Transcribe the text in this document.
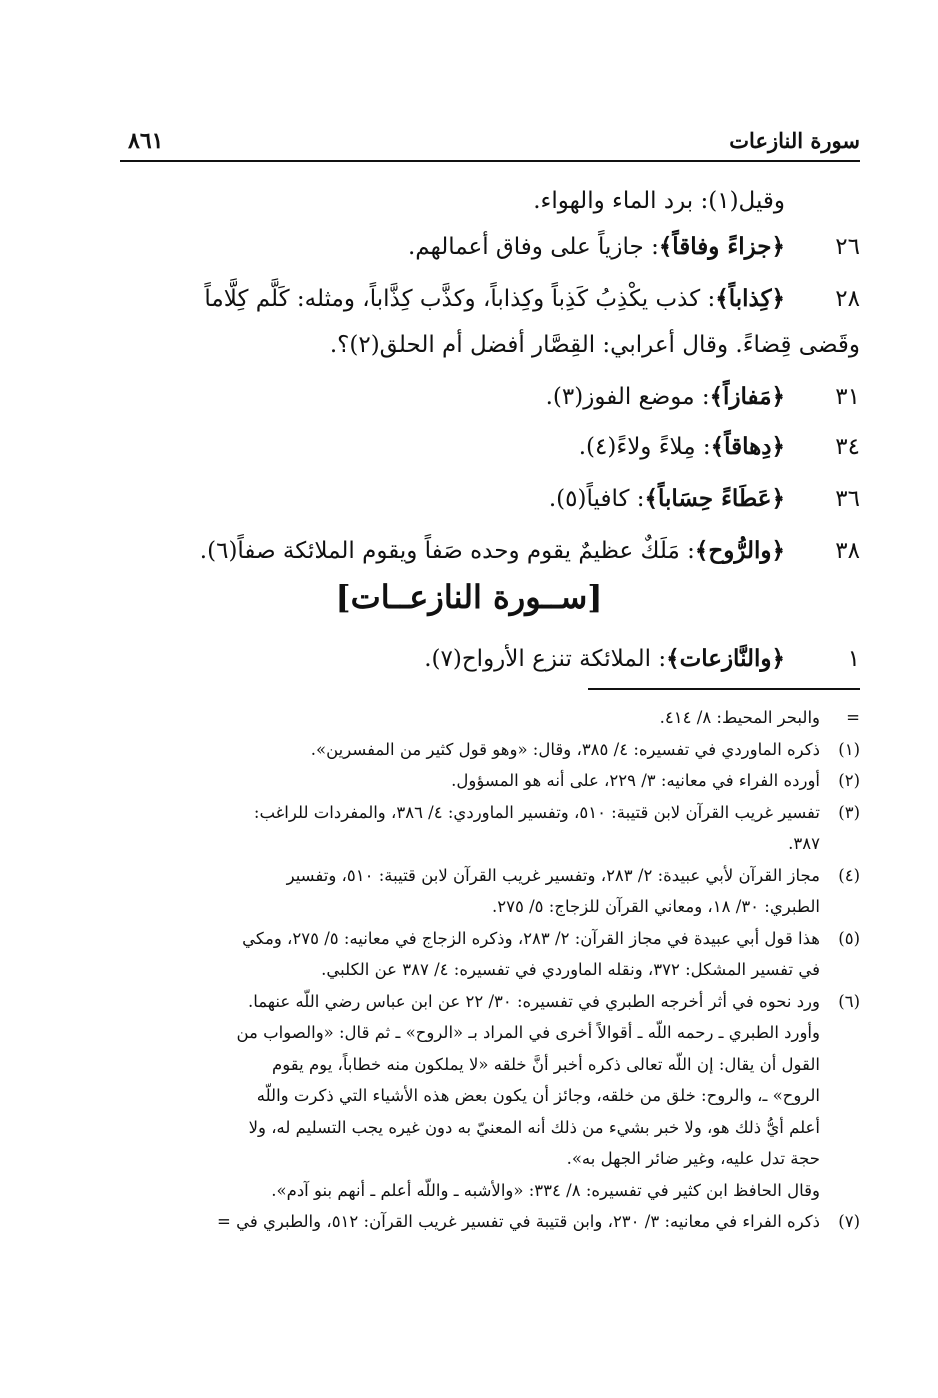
سورة النازعات
٨٦١
وقيل(١): برد الماء والهواء.
٢٦
﴿جزاءً وفاقاً﴾: جازياً على وفاق أعمالهم.
٢٨
﴿كِذاباً﴾: كذب يكْذِبُ كَذِباً وكِذاباً، وكذَّب كِذَّاباً، ومثله: كَلَّم كِلَّاماً
وقَضى قِضاءً. وقال أعرابي: القِصَّار أفضل أم الحلق(٢)؟.
٣١
﴿مَفازاً﴾: موضع الفوز(٣).
٣٤
﴿دِهاقاً﴾: مِلاءً ولاءً(٤).
٣٦
﴿عَطَاءً حِسَاباً﴾: كافياً(٥).
٣٨
﴿والرُّوح﴾: مَلَكٌ عظيمٌ يقوم وحده صَفاً ويقوم الملائكة صفاً(٦).
[ســورة النازعــات]
١
﴿والنَّازعات﴾: الملائكة تنزع الأرواح(٧).
=
والبحر المحيط: ٨/ ٤١٤.
(١)
ذكره الماوردي في تفسيره: ٤/ ٣٨٥، وقال: «وهو قول كثير من المفسرين».
(٢)
أورده الفراء في معانيه: ٣/ ٢٢٩، على أنه هو المسؤول.
(٣)
تفسير غريب القرآن لابن قتيبة: ٥١٠، وتفسير الماوردي: ٤/ ٣٨٦، والمفردات للراغب:
٣٨٧.
(٤)
مجاز القرآن لأبي عبيدة: ٢/ ٢٨٣، وتفسير غريب القرآن لابن قتيبة: ٥١٠، وتفسير
الطبري: ٣٠/ ١٨، ومعاني القرآن للزجاج: ٥/ ٢٧٥.
(٥)
هذا قول أبي عبيدة في مجاز القرآن: ٢/ ٢٨٣، وذكره الزجاج في معانيه: ٥/ ٢٧٥، ومكي
في تفسير المشكل: ٣٧٢، ونقله الماوردي في تفسيره: ٤/ ٣٨٧ عن الكلبي.
(٦)
ورد نحوه في أثر أخرجه الطبري في تفسيره: ٣٠/ ٢٢ عن ابن عباس رضي اللّه عنهما.
وأورد الطبري ـ رحمه اللّه ـ أقوالاً أخرى في المراد بـ «الروح» ـ ثم قال: «والصواب من
القول أن يقال: إن اللّه تعالى ذكره أخبر أنَّ خلقه «لا يملكون منه خطاباً، يوم يقوم
الروح» ـ، والروح: خلق من خلقه، وجائز أن يكون بعض هذه الأشياء التي ذكرت واللّه
أعلم أيُّ ذلك هو، ولا خبر بشيء من ذلك أنه المعنيّ به دون غيره يجب التسليم له، ولا
حجة تدل عليه، وغير ضائر الجهل به».
وقال الحافظ ابن كثير في تفسيره: ٨/ ٣٣٤: «والأشبه ـ واللّه أعلم ـ أنهم بنو آدم».
(٧)
ذكره الفراء في معانيه: ٣/ ٢٣٠، وابن قتيبة في تفسير غريب القرآن: ٥١٢، والطبري في =
